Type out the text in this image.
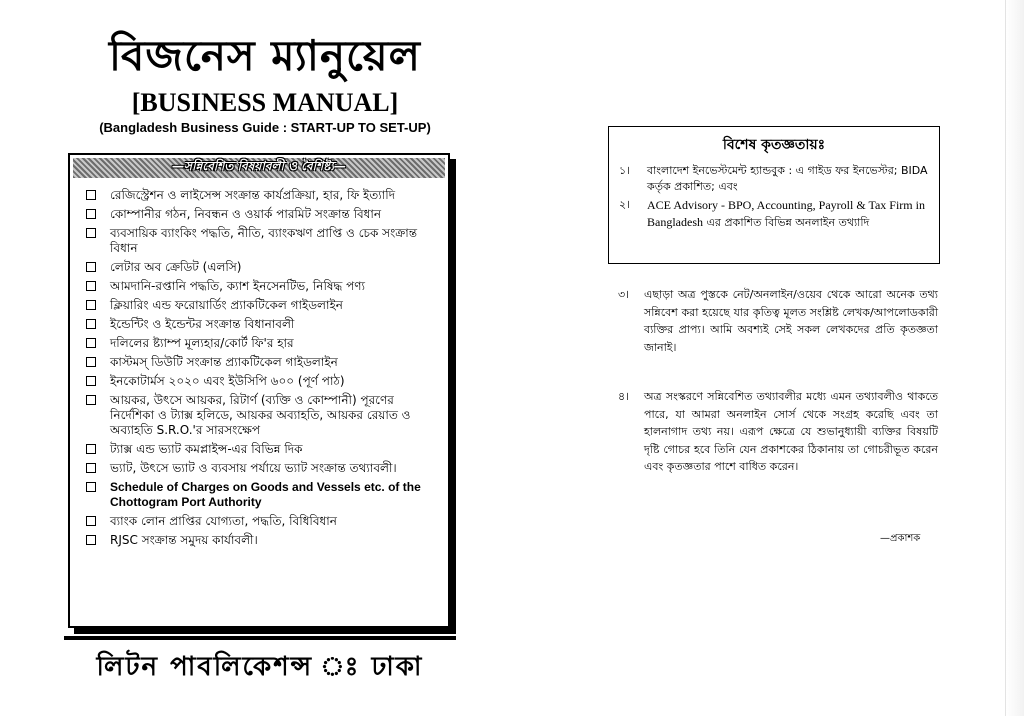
বিজনেস ম্যানুয়েল
[BUSINESS MANUAL]
(Bangladesh Business Guide : START-UP TO SET-UP)
—সন্নিবেশিত বিষয়াবলী ও বৈশিষ্ট্য—
রেজিস্ট্রেশন ও লাইসেন্স সংক্রান্ত কার্যপ্রক্রিয়া, হার, ফি ইত্যাদি
কোম্পানীর গঠন, নিবন্ধন ও ওয়ার্ক পারমিট সংক্রান্ত বিধান
ব্যবসায়িক ব্যাংকিং পদ্ধতি, নীতি, ব্যাংকঋণ প্রাপ্তি ও চেক সংক্রান্ত বিধান
লেটার অব ক্রেডিট (এলসি)
আমদানি-রপ্তানি পদ্ধতি, ক্যাশ ইনসেনটিভ, নিষিদ্ধ পণ্য
ক্লিয়ারিং এন্ড ফরোয়ার্ডিং প্র্যাকটিকেল গাইডলাইন
ইন্ডেন্টিং ও ইন্ডেন্টর সংক্রান্ত বিধানাবলী
দলিলের ষ্ট্যাম্প মূল্যহার/কোর্ট ফি'র হার
কাস্টমস্ ডিউটি সংক্রান্ত প্র্যাকটিকেল গাইডলাইন
ইনকোটার্মস ২০২০ এবং ইউসিপি ৬০০ (পূর্ণ পাঠ)
আয়কর, উৎসে আয়কর, রিটার্ণ (ব্যক্তি ও কোম্পানী) পূরণের নির্দেশিকা ও ট্যাক্স হলিডে, আয়কর অব্যাহতি, আয়কর রেয়াত ও অব্যাহতি S.R.O.'র সারসংক্ষেপ
ট্যাক্স এন্ড ভ্যাট কমপ্লাইন্স-এর বিভিন্ন দিক
ভ্যাট, উৎসে ভ্যাট ও ব্যবসায় পর্যায়ে ভ্যাট সংক্রান্ত তথ্যাবলী।
Schedule of Charges on Goods and Vessels etc. of the Chottogram Port Authority
ব্যাংক লোন প্রাপ্তির যোগ্যতা, পদ্ধতি, বিধিবিধান
RJSC সংক্রান্ত সমুদয় কার্যাবলী।
লিটন পাবলিকেশন্স ঃ ঢাকা
বিশেষ কৃতজ্ঞতায়ঃ
১।	বাংলাদেশ ইনভেস্টমেন্ট হ্যান্ডবুক : এ গাইড ফর ইনভেস্টর; BIDA কর্তৃক প্রকাশিত; এবং
২।	ACE Advisory - BPO, Accounting, Payroll & Tax Firm in Bangladesh এর প্রকাশিত বিভিন্ন অনলাইন তথ্যাদি
৩।	এছাড়া অত্র পুস্তকে নেট/অনলাইন/ওয়েব থেকে আরো অনেক তথ্য সন্নিবেশ করা হয়েছে যার কৃতিত্ব মূলত সংশ্লিষ্ট লেখক/আপলোডকারী ব্যক্তির প্রাপ্য। আমি অবশ্যই সেই সকল লেখকদের প্রতি কৃতজ্ঞতা জানাই।
৪।	অত্র সংস্করণে সন্নিবেশিত তথ্যাবলীর মধ্যে এমন তথ্যাবলীও থাকতে পারে, যা আমরা অনলাইন সোর্স থেকে সংগ্রহ করেছি এবং তা হালনাগাদ তথ্য নয়। এরূপ ক্ষেত্রে যে শুভানুধ্যায়ী ব্যক্তির বিষয়টি দৃষ্টি গোচর হবে তিনি যেন প্রকাশকের ঠিকানায় তা গোচরীভূত করেন এবং কৃতজ্ঞতার পাশে বাধিত করেন।
—প্রকাশক
